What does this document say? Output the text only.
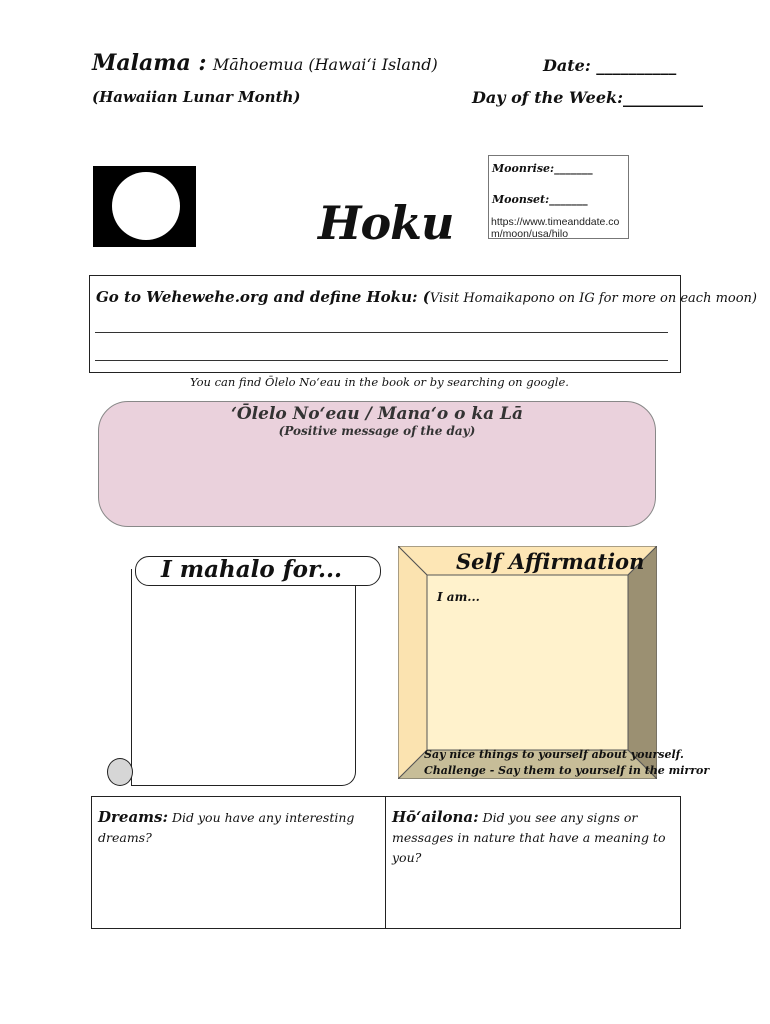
Malama : Māhoemua (Hawai‘i Island)
(Hawaiian Lunar Month)
Date: __________
Day of the Week:__________
Hoku
Moonrise:_______
Moonset:_______
https://www.timeanddate.com/moon/usa/hilo
Go to Wehewehe.org and define Hoku: (Visit Homaikapono on IG for more on each moon)
You can find Ōlelo No‘eau in the book or by searching on google.
‘Ōlelo No‘eau / Mana‘o o ka Lā
(Positive message of the day)
I mahalo for...	Self Affirmation
I am...
Say nice things to yourself about yourself.
Challenge - Say them to yourself in the mirror
Dreams: Did you have any interesting dreams?
Hō‘ailona: Did you see any signs or messages in nature that have a meaning to you?
